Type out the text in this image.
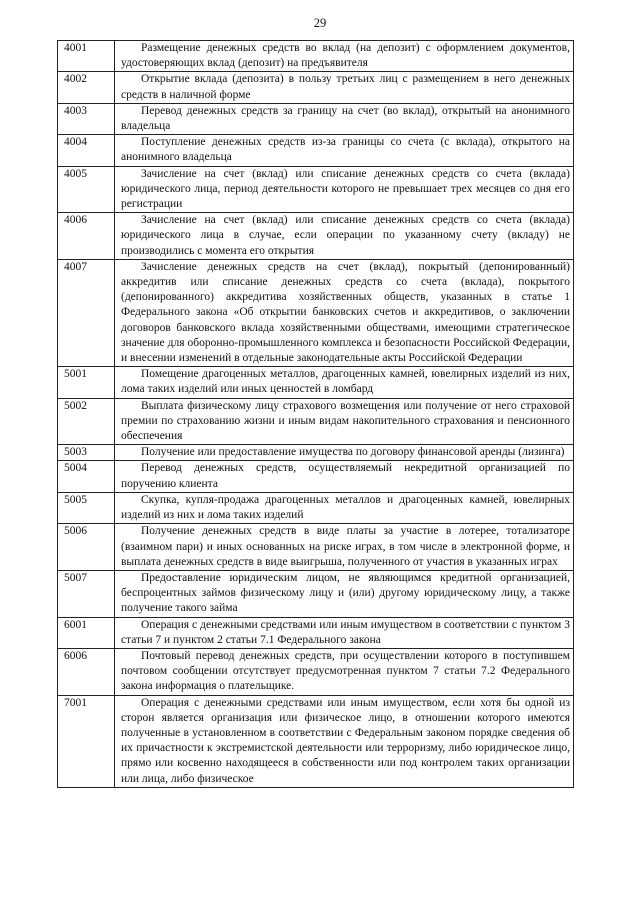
29
4001	Размещение денежных средств во вклад (на депозит) с оформлением документов, удостоверяющих вклад (депозит) на предъявителя
4002	Открытие вклада (депозита) в пользу третьих лиц с размещением в него денежных средств в наличной форме
4003	Перевод денежных средств за границу на счет (во вклад), открытый на анонимного владельца
4004	Поступление денежных средств из-за границы со счета (с вклада), открытого на анонимного владельца
4005	Зачисление на счет (вклад) или списание денежных средств со счета (вклада) юридического лица, период деятельности которого не превышает трех месяцев со дня его регистрации
4006	Зачисление на счет (вклад) или списание денежных средств со счета (вклада) юридического лица в случае, если операции по указанному счету (вкладу) не производились с момента его открытия
4007	Зачисление денежных средств на счет (вклад), покрытый (депонированный) аккредитив или списание денежных средств со счета (вклада), покрытого (депонированного) аккредитива хозяйственных обществ, указанных в статье 1 Федерального закона «Об открытии банковских счетов и аккредитивов, о заключении договоров банковского вклада хозяйственными обществами, имеющими стратегическое значение для оборонно-промышленного комплекса и безопасности Российской Федерации, и внесении изменений в отдельные законодательные акты Российской Федерации
5001	Помещение драгоценных металлов, драгоценных камней, ювелирных изделий из них, лома таких изделий или иных ценностей в ломбард
5002	Выплата физическому лицу страхового возмещения или получение от него страховой премии по страхованию жизни и иным видам накопительного страхования и пенсионного обеспечения
5003	Получение или предоставление имущества по договору финансовой аренды (лизинга)
5004	Перевод денежных средств, осуществляемый некредитной организацией по поручению клиента
5005	Скупка, купля-продажа драгоценных металлов и драгоценных камней, ювелирных изделий из них и лома таких изделий
5006	Получение денежных средств в виде платы за участие в лотерее, тотализаторе (взаимном пари) и иных основанных на риске играх, в том числе в электронной форме, и выплата денежных средств в виде выигрыша, полученного от участия в указанных играх
5007	Предоставление юридическим лицом, не являющимся кредитной организацией, беспроцентных займов физическому лицу и (или) другому юридическому лицу, а также получение такого займа
6001	Операция с денежными средствами или иным имуществом в соответствии с пунктом 3 статьи 7 и пунктом 2 статьи 7.1 Федерального закона
6006	Почтовый перевод денежных средств, при осуществлении которого в поступившем почтовом сообщении отсутствует предусмотренная пунктом 7 статьи 7.2 Федерального закона информация о плательщике.
7001	Операция с денежными средствами или иным имуществом, если хотя бы одной из сторон является организация или физическое лицо, в отношении которого имеются полученные в установленном в соответствии с Федеральным законом порядке сведения об их причастности к экстремистской деятельности или терроризму, либо юридическое лицо, прямо или косвенно находящееся в собственности или под контролем таких организации или лица, либо физическое
